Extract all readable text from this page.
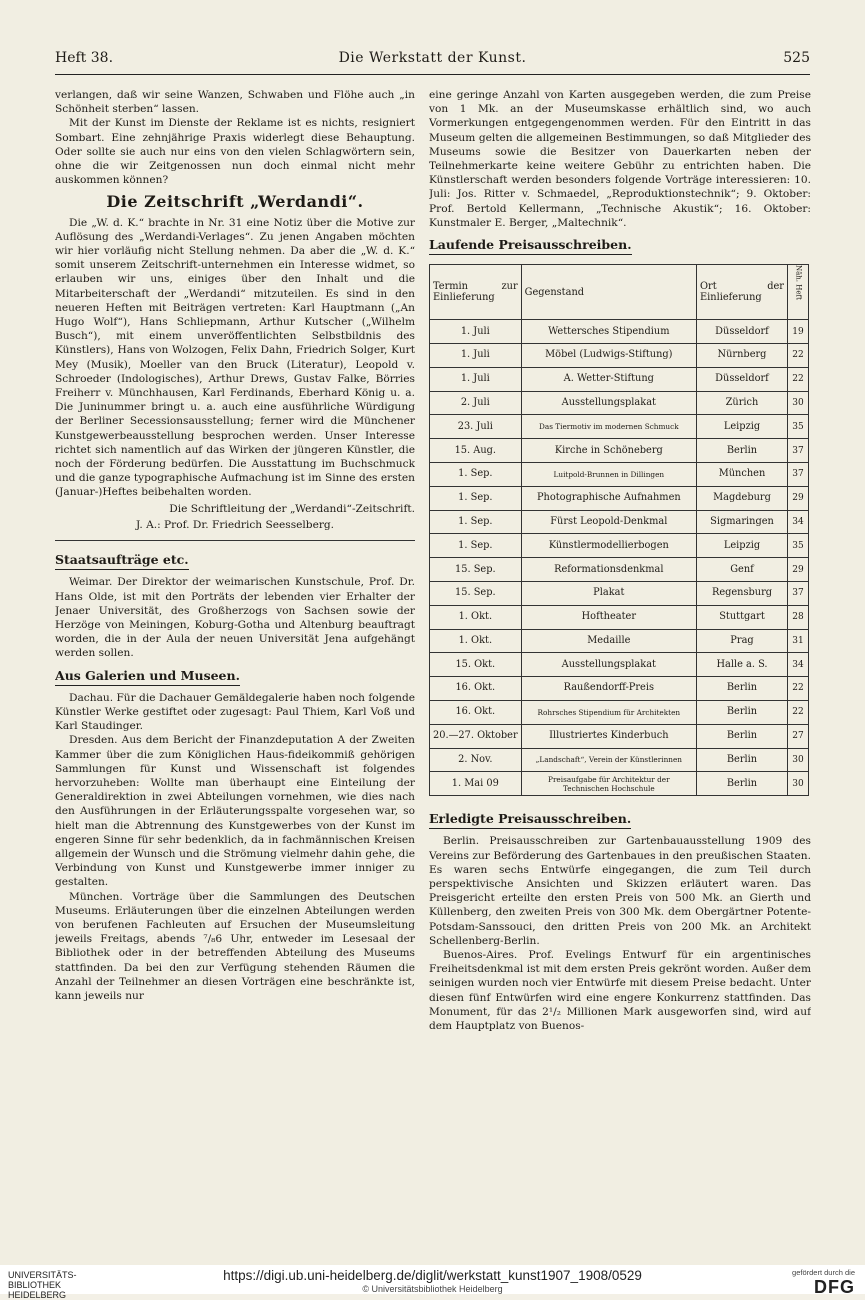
Heft 38.	Die Werkstatt der Kunst.	525

verlangen, daß wir seine Wanzen, Schwaben und Flöhe auch „in Schönheit sterben“ lassen.

Mit der Kunst im Dienste der Reklame ist es nichts, resigniert Sombart. Eine zehnjährige Praxis widerlegt diese Behauptung. Oder sollte sie auch nur eins von den vielen Schlagwörtern sein, ohne die wir Zeitgenossen nun doch einmal nicht mehr auskommen können?

Die Zeitschrift „Werdandi“.

Die „W. d. K.“ brachte in Nr. 31 eine Notiz über die Motive zur Auflösung des „Werdandi-Verlages“. Zu jenen Angaben möchten wir hier vorläufig nicht Stellung nehmen. Da aber die „W. d. K.“ somit unserem Zeitschrift-unternehmen ein Interesse widmet, so erlauben wir uns, einiges über den Inhalt und die Mitarbeiterschaft der „Werdandi“ mitzuteilen. Es sind in den neueren Heften mit Beiträgen vertreten: Karl Hauptmann („An Hugo Wolf“), Hans Schliepmann, Arthur Kutscher („Wilhelm Busch“), mit einem unveröffentlichten Selbstbildnis des Künstlers), Hans von Wolzogen, Felix Dahn, Friedrich Solger, Kurt Mey (Musik), Moeller van den Bruck (Literatur), Leopold v. Schroeder (Indologisches), Arthur Drews, Gustav Falke, Börries Freiherr v. Münchhausen, Karl Ferdinands, Eberhard König u. a. Die Juninummer bringt u. a. auch eine ausführliche Würdigung der Berliner Secessionsausstellung; ferner wird die Münchener Kunstgewerbeausstellung besprochen werden. Unser Interesse richtet sich namentlich auf das Wirken der jüngeren Künstler, die noch der Förderung bedürfen. Die Ausstattung im Buchschmuck und die ganze typographische Aufmachung ist im Sinne des ersten (Januar-)Heftes beibehalten worden.

Die Schriftleitung der „Werdandi“-Zeitschrift.
J. A.: Prof. Dr. Friedrich Seesselberg.
Staatsaufträge etc.

Weimar. Der Direktor der weimarischen Kunstschule, Prof. Dr. Hans Olde, ist mit den Porträts der lebenden vier Erhalter der Jenaer Universität, des Großherzogs von Sachsen sowie der Herzöge von Meiningen, Koburg-Gotha und Altenburg beauftragt worden, die in der Aula der neuen Universität Jena aufgehängt werden sollen.

Aus Galerien und Museen.

Dachau. Für die Dachauer Gemäldegalerie haben noch folgende Künstler Werke gestiftet oder zugesagt: Paul Thiem, Karl Voß und Karl Staudinger.

Dresden. Aus dem Bericht der Finanzdeputation A der Zweiten Kammer über die zum Königlichen Haus-fideikommiß gehörigen Sammlungen für Kunst und Wissenschaft ist folgendes hervorzuheben: Wollte man überhaupt eine Einteilung der Generaldirektion in zwei Abteilungen vornehmen, wie dies nach den Ausführungen in der Erläuterungsspalte vorgesehen war, so hielt man die Abtrennung des Kunstgewerbes von der Kunst im engeren Sinne für sehr bedenklich, da in fachmännischen Kreisen allgemein der Wunsch und die Strömung vielmehr dahin gehe, die Verbindung von Kunst und Kunstgewerbe immer inniger zu gestalten.

München. Vorträge über die Sammlungen des Deutschen Museums. Erläuterungen über die einzelnen Abteilungen werden von berufenen Fachleuten auf Ersuchen der Museumsleitung jeweils Freitags, abends ⁷/₈6 Uhr, entweder im Lesesaal der Bibliothek oder in der betreffenden Abteilung des Museums stattfinden. Da bei den zur Verfügung stehenden Räumen die Anzahl der Teilnehmer an diesen Vorträgen eine beschränkte ist, kann jeweils nur

eine geringe Anzahl von Karten ausgegeben werden, die zum Preise von 1 Mk. an der Museumskasse erhältlich sind, wo auch Vormerkungen entgegengenommen werden. Für den Eintritt in das Museum gelten die allgemeinen Bestimmungen, so daß Mitglieder des Museums sowie die Besitzer von Dauerkarten neben der Teilnehmerkarte keine weitere Gebühr zu entrichten haben. Die Künstlerschaft werden besonders folgende Vorträge interessieren: 10. Juli: Jos. Ritter v. Schmaedel, „Reproduktionstechnik“; 9. Oktober: Prof. Bertold Kellermann, „Technische Akustik“; 16. Oktober: Kunstmaler E. Berger, „Maltechnik“.

Laufende Preisausschreiben.
Termin zur Einlieferung	Gegenstand	Ort der Einlieferung	Näh. Heft
1. Juli	Wettersches Stipendium	Düsseldorf	19
1. Juli	Möbel (Ludwigs-Stiftung)	Nürnberg	22
1. Juli	A. Wetter-Stiftung	Düsseldorf	22
2. Juli	Ausstellungsplakat	Zürich	30
23. Juli	Das Tiermotiv im modernen Schmuck	Leipzig	35
15. Aug.	Kirche in Schöneberg	Berlin	37
1. Sep.	Luitpold-Brunnen in Dillingen	München	37
1. Sep.	Photographische Aufnahmen	Magdeburg	29
1. Sep.	Fürst Leopold-Denkmal	Sigmaringen	34
1. Sep.	Künstlermodellierbogen	Leipzig	35
15. Sep.	Reformationsdenkmal	Genf	29
15. Sep.	Plakat	Regensburg	37
1. Okt.	Hoftheater	Stuttgart	28
1. Okt.	Medaille	Prag	31
15. Okt.	Ausstellungsplakat	Halle a. S.	34
16. Okt.	Raußendorff-Preis	Berlin	22
16. Okt.	Rohrsches Stipendium für Architekten	Berlin	22
20.—27. Oktober	Illustriertes Kinderbuch	Berlin	27
2. Nov.	„Landschaft“, Verein der Künstlerinnen	Berlin	30
1. Mai 09	Preisaufgabe für Architektur der Technischen Hochschule	Berlin	30
Erledigte Preisausschreiben.

Berlin. Preisausschreiben zur Gartenbauausstellung 1909 des Vereins zur Beförderung des Gartenbaues in den preußischen Staaten. Es waren sechs Entwürfe eingegangen, die zum Teil durch perspektivische Ansichten und Skizzen erläutert waren. Das Preisgericht erteilte den ersten Preis von 500 Mk. an Gierth und Küllenberg, den zweiten Preis von 300 Mk. dem Obergärtner Potente-Potsdam-Sanssouci, den dritten Preis von 200 Mk. an Architekt Schellenberg-Berlin.

Buenos-Aires. Prof. Evelings Entwurf für ein argentinisches Freiheitsdenkmal ist mit dem ersten Preis gekrönt worden. Außer dem seinigen wurden noch vier Entwürfe mit diesem Preise bedacht. Unter diesen fünf Entwürfen wird eine engere Konkurrenz stattfinden. Das Monument, für das 2¹/₂ Millionen Mark ausgeworfen sind, wird auf dem Hauptplatz von Buenos-

UNIVERSITÄTS-
BIBLIOTHEK
HEIDELBERG
https://digi.ub.uni-heidelberg.de/diglit/werkstatt_kunst1907_1908/0529
© Universitätsbibliothek Heidelberg
gefördert durch die
DFG
